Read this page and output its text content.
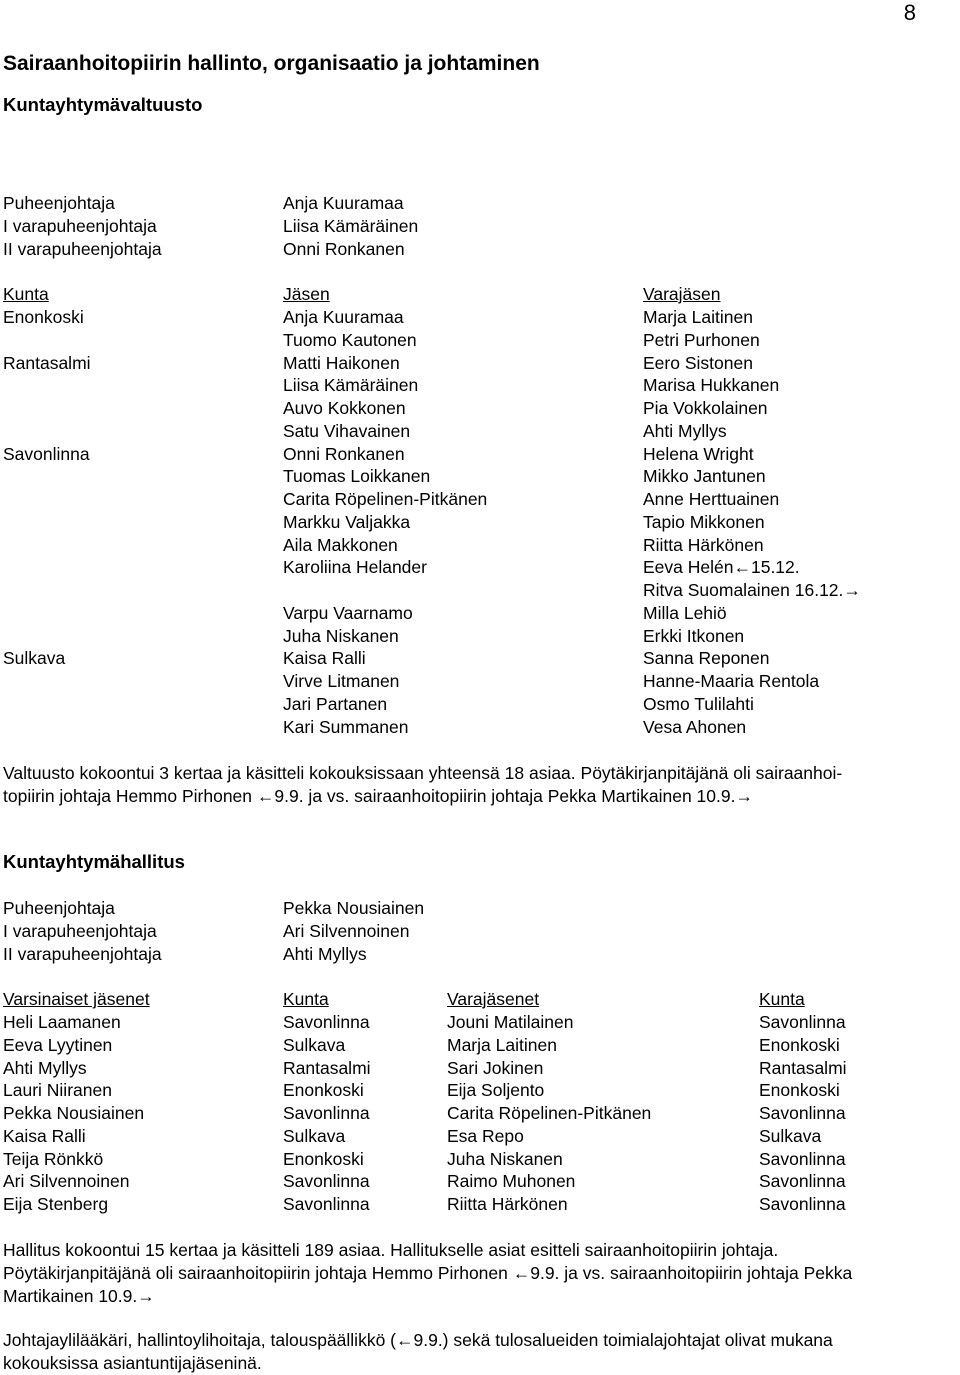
8
Sairaanhoitopiirin hallinto, organisaatio ja johtaminen
Kuntayhtymävaltuusto
Puheenjohtaja	Anja Kuuramaa
I varapuheenjohtaja	Liisa Kämäräinen
II varapuheenjohtaja	Onni Ronkanen
Kunta	Jäsen	Varajäsen
Enonkoski	Anja Kuuramaa	Marja Laitinen
Tuomo Kautonen	Petri Purhonen
Rantasalmi	Matti Haikonen	Eero Sistonen
Liisa Kämäräinen	Marisa Hukkanen
Auvo Kokkonen	Pia Vokkolainen
Satu Vihavainen	Ahti Myllys
Savonlinna	Onni Ronkanen	Helena Wright
Tuomas Loikkanen	Mikko Jantunen
Carita Röpelinen-Pitkänen	Anne Herttuainen
Markku Valjakka	Tapio Mikkonen
Aila Makkonen	Riitta Härkönen
Karoliina Helander	Eeva Helén←15.12.
Ritva Suomalainen 16.12.→
Varpu Vaarnamo	Milla Lehiö
Juha Niskanen	Erkki Itkonen
Sulkava	Kaisa Ralli	Sanna Reponen
Virve Litmanen	Hanne-Maaria Rentola
Jari Partanen	Osmo Tulilahti
Kari Summanen	Vesa Ahonen
Valtuusto kokoontui 3 kertaa ja käsitteli kokouksissaan yhteensä 18 asiaa. Pöytäkirjanpitäjänä oli sairaanhoi-
topiirin johtaja Hemmo Pirhonen ←9.9. ja vs. sairaanhoitopiirin johtaja Pekka Martikainen 10.9.→
Kuntayhtymähallitus
Puheenjohtaja	Pekka Nousiainen
I varapuheenjohtaja	Ari Silvennoinen
II varapuheenjohtaja	Ahti Myllys
Varsinaiset jäsenet	Kunta	Varajäsenet	Kunta
Heli Laamanen	Savonlinna	Jouni Matilainen	Savonlinna
Eeva Lyytinen	Sulkava	Marja Laitinen	Enonkoski
Ahti Myllys	Rantasalmi	Sari Jokinen	Rantasalmi
Lauri Niiranen	Enonkoski	Eija Soljento	Enonkoski
Pekka Nousiainen	Savonlinna	Carita Röpelinen-Pitkänen	Savonlinna
Kaisa Ralli	Sulkava	Esa Repo	Sulkava
Teija Rönkkö	Enonkoski	Juha Niskanen	Savonlinna
Ari Silvennoinen	Savonlinna	Raimo Muhonen	Savonlinna
Eija Stenberg	Savonlinna	Riitta Härkönen	Savonlinna
Hallitus kokoontui 15 kertaa ja käsitteli 189 asiaa. Hallitukselle asiat esitteli sairaanhoitopiirin johtaja.
Pöytäkirjanpitäjänä oli sairaanhoitopiirin johtaja Hemmo Pirhonen ←9.9. ja vs. sairaanhoitopiirin johtaja Pekka
Martikainen 10.9.→
Johtajaylilääkäri, hallintoylihoitaja, talouspäällikkö (←9.9.) sekä tulosalueiden toimialajohtajat olivat mukana
kokouksissa asiantuntijajäseninä.
